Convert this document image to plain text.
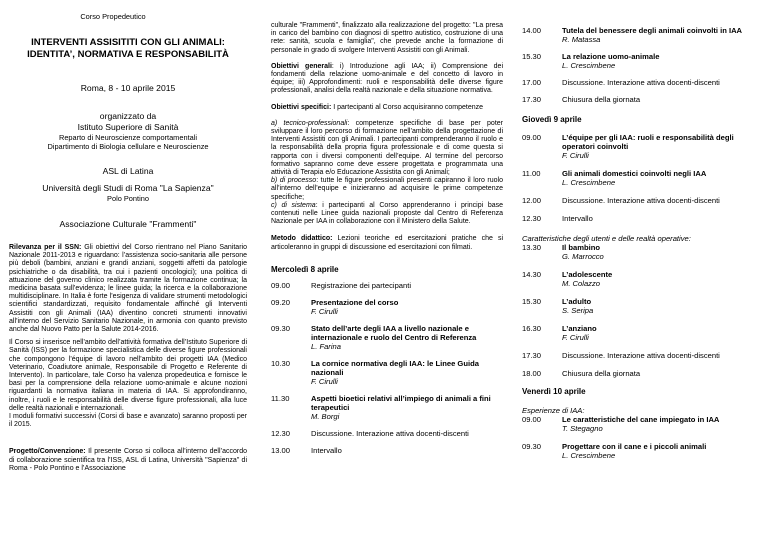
Corso Propedeutico
INTERVENTI ASSISITITI CON GLI ANIMALI:
IDENTITA’, NORMATIVA E RESPONSABILITÀ
Roma, 8 - 10 aprile 2015
organizzato da
Istituto Superiore di Sanità
Reparto di Neuroscienze comportamentali
Dipartimento di Biologia cellulare e Neuroscienze
ASL di Latina
Università degli Studi di Roma "La Sapienza"
Polo Pontino
Associazione Culturale "Frammenti"
Rilevanza per il SSN: Gli obiettivi del Corso rientrano nel Piano Sanitario Nazionale 2011-2013 e riguardano: l’assistenza socio-sanitaria alle persone più deboli (bambini, anziani e grandi anziani, soggetti affetti da patologie psichiatriche o da disabilità, tra cui i pazienti oncologici); una politica di attuazione del governo clinico realizzata tramite la formazione continua; la medicina basata sull’evidenza; le linee guida; la ricerca e la collaborazione multidisciplinare. In Italia è forte l’esigenza di validare strumenti metodologici scientifici standardizzati, requisito fondamentale affinché gli Interventi Assistiti con gli Animali (IAA) diventino concreti strumenti innovativi all’interno del Servizio Sanitario Nazionale, in armonia con quanto previsto anche dal Nuovo Patto per la Salute 2014-2016.
Il Corso si inserisce nell’ambito dell’attività formativa dell’Istituto Superiore di Sanità (ISS) per la formazione specialistica delle diverse figure professionali che compongono l’équipe di lavoro nell’ambito dei progetti IAA (Medico Veterinario, Coadiutore animale, Responsabile di Progetto e Referente di Intervento). In particolare, tale Corso ha valenza propedeutica e fornisce le basi per la comprensione della relazione uomo-animale e alcune nozioni riguardanti la normativa italiana in materia di IAA. Si approfondiranno, inoltre, i ruoli e le responsabilità delle diverse figure professionali, alla luce delle realtà nazionali e internazionali.
I moduli formativi successivi (Corsi di base e avanzato) saranno proposti per il 2015.
Progetto/Convenzione: Il presente Corso si colloca all’interno dell’accordo di collaborazione scientifica tra l’ISS, ASL di Latina, Università "Sapienza" di Roma - Polo Pontino e l’Associazione
culturale "Frammenti", finalizzato alla realizzazione del progetto: "La presa in carico del bambino con diagnosi di spettro autistico, costruzione di una rete: sanità, scuola e famiglia", che prevede anche la formazione di personale in grado di svolgere Interventi Assistiti con gli Animali.
Obiettivi generali: i) Introduzione agli IAA; ii) Comprensione dei fondamenti della relazione uomo-animale e del concetto di lavoro in équipe; iii) Approfondimenti: ruoli e responsabilità delle diverse figure professionali, analisi della realtà nazionale e della situazione normativa.
Obiettivi specifici: I partecipanti al Corso acquisiranno competenze
a) tecnico-professionali: competenze specifiche di base per poter sviluppare il loro percorso di formazione nell’ambito della progettazione di Interventi Assistiti con gli Animali. I partecipanti comprenderanno il ruolo e la responsabilità della propria figura professionale e di come questa si rapporta con i diversi componenti dell’equipe. Al termine del percorso formativo sapranno come deve essere progettata e programmata una attività di Terapia e/o Educazione Assistita con gli Animali;
b) di processo: tutte le figure professionali presenti capiranno il loro ruolo all’interno dell’equipe e inizieranno ad acquisire le prime competenze specifiche;
c) di sistema: i partecipanti al Corso apprenderanno i principi base contenuti nelle Linee guida nazionali proposte dal Centro di Referenza Nazionale per IAA in collaborazione con il Ministero della Salute.
Metodo didattico: Lezioni teoriche ed esercitazioni pratiche che si articoleranno in gruppi di discussione ed esercitazioni con filmati.
Mercoledì 8 aprile
09.00	Registrazione dei partecipanti

09.20	Presentazione del corso
F. Cirulli

09.30	Stato dell’arte degli IAA a livello nazionale e internazionale e ruolo del Centro di Referenza
L. Farina

10.30	La cornice normativa degli IAA: le Linee Guida nazionali
F. Cirulli

11.30	Aspetti bioetici relativi all’impiego di animali a fini terapeutici
M. Borgi

12.30	Discussione. Interazione attiva docenti-discenti

13.00	Intervallo
14.00	Tutela del benessere degli animali coinvolti in IAA
R. Matassa

15.30	La relazione uomo-animale
L. Crescimbene

17.00	Discussione. Interazione attiva docenti-discenti

17.30	Chiusura della giornata
Giovedì 9 aprile
09.00	L’équipe per gli IAA: ruoli e responsabilità degli operatori coinvolti
F. Cirulli

11.00	Gli animali domestici coinvolti negli IAA
L. Crescimbene

12.00	Discussione. Interazione attiva docenti-discenti

12.30	Intervallo
Caratteristiche degli utenti e delle realtà operative:
13.30	Il bambino
G. Marrocco
14.30	L’adolescente
M. Colazzo

15.30	L’adulto
S. Seripa

16.30	L’anziano
F. Cirulli

17.30	Discussione. Interazione attiva docenti-discenti

18.00	Chiusura della giornata
Venerdì 10 aprile
Esperienze di IAA:
09.00	Le caratteristiche del cane impiegato in IAA
T. Stegagno
09.30	Progettare con il cane e i piccoli animali
L. Crescimbene
